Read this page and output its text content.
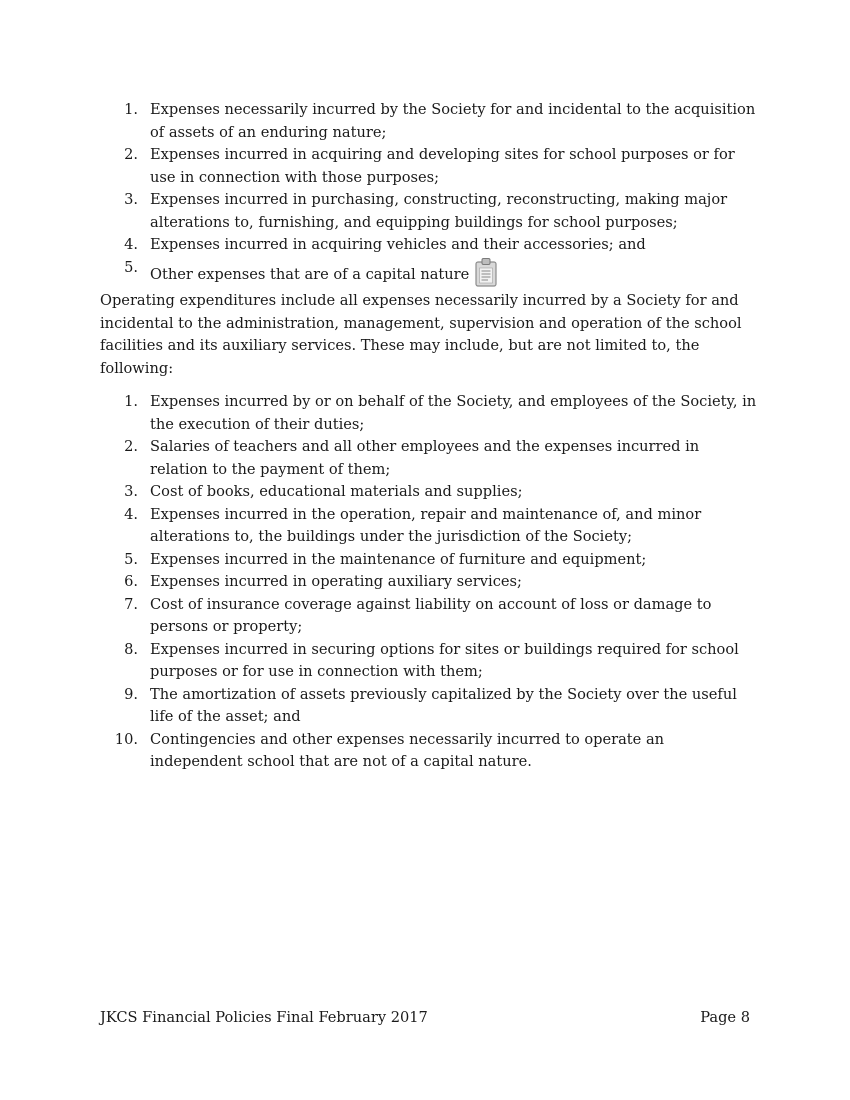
1. Expenses necessarily incurred by the Society for and incidental to the acquisition of assets of an enduring nature;
2. Expenses incurred in acquiring and developing sites for school purposes or for use in connection with those purposes;
3. Expenses incurred in purchasing, constructing, reconstructing, making major alterations to, furnishing, and equipping buildings for school purposes;
4. Expenses incurred in acquiring vehicles and their accessories; and
5. Other expenses that are of a capital nature

Operating expenditures include all expenses necessarily incurred by a Society for and incidental to the administration, management, supervision and operation of the school facilities and its auxiliary services. These may include, but are not limited to, the following:

1. Expenses incurred by or on behalf of the Society, and employees of the Society, in the execution of their duties;
2. Salaries of teachers and all other employees and the expenses incurred in relation to the payment of them;
3. Cost of books, educational materials and supplies;
4. Expenses incurred in the operation, repair and maintenance of, and minor alterations to, the buildings under the jurisdiction of the Society;
5. Expenses incurred in the maintenance of furniture and equipment;
6. Expenses incurred in operating auxiliary services;
7. Cost of insurance coverage against liability on account of loss or damage to persons or property;
8. Expenses incurred in securing options for sites or buildings required for school purposes or for use in connection with them;
9. The amortization of assets previously capitalized by the Society over the useful life of the asset; and
10. Contingencies and other expenses necessarily incurred to operate an independent school that are not of a capital nature.

JKCS Financial Policies Final February 2017	Page 8
